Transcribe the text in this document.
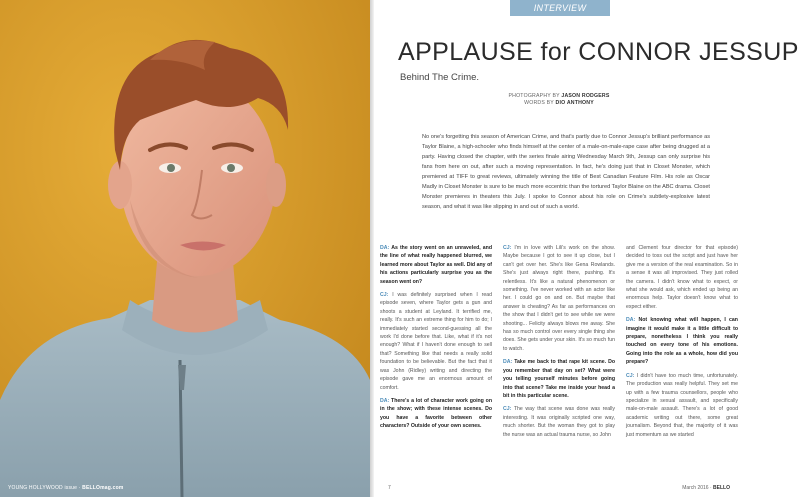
YOUNG HOLLYWOOD issue · BELLOmag.com
INTERVIEW
APPLAUSE for CONNOR JESSUP
Behind The Crime.
PHOTOGRAPHY BY JASON RODGERS
WORDS BY DIO ANTHONY
No one's forgetting this season of American Crime, and that's partly due to Connor Jessup's brilliant performance as Taylor Blaine, a high-schooler who finds himself at the center of a male-on-male-rape case after being drugged at a party. Having closed the chapter, with the series finale airing Wednesday March 9th, Jessup can only surprise his fans from here on out, after such a moving representation. In fact, he's doing just that in Closet Monster, which premiered at TIFF to great reviews, ultimately winning the title of Best Canadian Feature Film. His role as Oscar Madly in Closet Monster is sure to be much more eccentric than the tortured Taylor Blaine on the ABC drama. Closet Monster premieres in theaters this July. I spoke to Connor about his role on Crime's subtlety-explosive latest season, and what it was like slipping in and out of such a world.

DA: As the story went on an unraveled, and the line of what really happened blurred, we learned more about Taylor as well. Did any of his actions particularly surprise you as the season went on?

CJ: I was definitely surprised when I read episode seven, where Taylor gets a gun and shoots a student at Leyland. It terrified me, really. It's such an extreme thing for him to do; I immediately started second-guessing all the work I'd done before that. Like, what if it's not enough? What if I haven't done enough to sell that? Something like that needs a really solid foundation to be believable. But the fact that it was John (Ridley) writing and directing the episode gave me an enormous amount of comfort.

DA: There's a lot of character work going on in the show; with these intense scenes. Do you have a favorite between other characters? Outside of your own scenes.

CJ: I'm in love with Lili's work on the show. Maybe because I got to see it up close, but I can't get over her. She's like Gena Rowlands. She's just always right there, pushing. It's relentless. It's like a natural phenomenon or something. I've never worked with an actor like her. I could go on and on. But maybe that answer is cheating? As far as performances on the show that I didn't get to see while we were shooting... Felicity always blows me away. She has so much control over every single thing she does. She gets under your skin. It's so much fun to watch.

DA: Take me back to that rape kit scene. Do you remember that day on set? What were you telling yourself minutes before going into that scene? Take me inside your head a bit in this particular scene.

CJ: The way that scene was done was really interesting. It was originally scripted one way, much shorter. But the woman they got to play the nurse was an actual trauma nurse, so John

and Clement four director for that episode) decided to toss out the script and just have her give me a version of the real examination. So in a sense it was all improvised. They just rolled the camera. I didn't know what to expect, or what she would ask, which ended up being an enormous help. Taylor doesn't know what to expect either.

DA: Not knowing what will happen, I can imagine it would make it a little difficult to prepare, nonetheless I think you really touched on every tone of his emotions. Going into the role as a whole, how did you prepare?

CJ: I didn't have too much time, unfortunately. The production was really helpful. They set me up with a few trauma counsellors, people who specialize in sexual assault, and specifically male-on-male assault. There's a lot of good academic writing out there, some great journalism. Beyond that, the majority of it was just momentum as we started

7	March 2016 · BELLO
